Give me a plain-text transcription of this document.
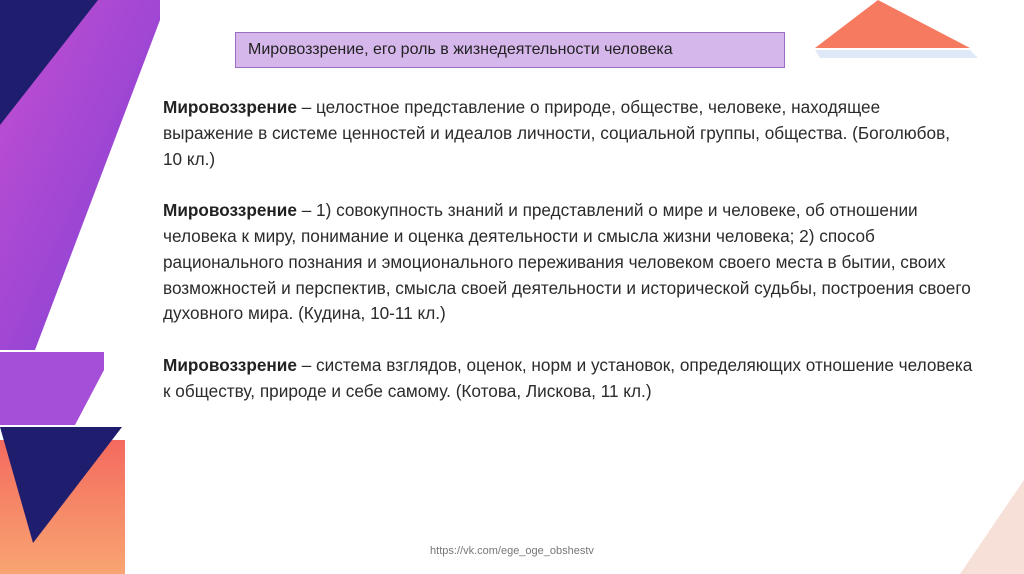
Мировоззрение, его роль в жизнедеятельности человека

Мировоззрение – целостное представление о природе, обществе, человеке, находящее выражение в системе ценностей и идеалов личности, социальной группы, общества. (Боголюбов, 10 кл.)

Мировоззрение – 1) совокупность знаний и представлений о мире и человеке, об отношении человека к миру, понимание и оценка деятельности и смысла жизни человека; 2) способ рационального познания и эмоционального переживания человеком своего места в бытии, своих возможностей и перспектив, смысла своей деятельности и исторической судьбы, построения своего духовного мира. (Кудина, 10-11 кл.)

Мировоззрение – система взглядов, оценок, норм и установок, определяющих отношение человека к обществу, природе и себе самому. (Котова, Лискова, 11 кл.)

https://vk.com/ege_oge_obshestv
